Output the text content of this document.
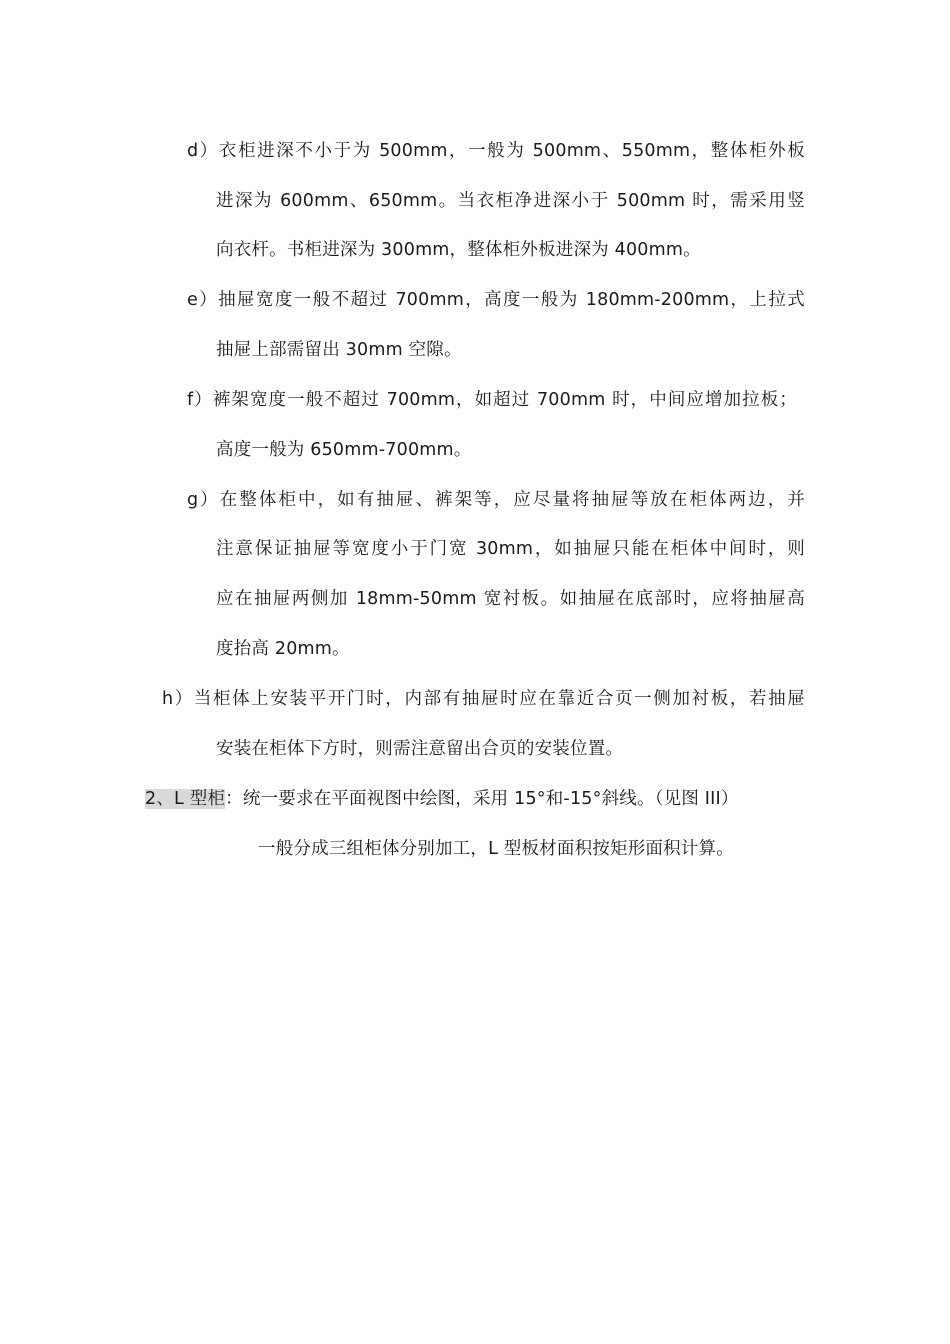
d）衣柜进深不小于为 500mm，一般为 500mm、550mm，整体柜外板
进深为 600mm、650mm。当衣柜净进深小于 500mm 时，需采用竖
向衣杆。书柜进深为 300mm，整体柜外板进深为 400mm。
e）抽屉宽度一般不超过 700mm，高度一般为 180mm-200mm，上拉式
抽屉上部需留出 30mm 空隙。
f）裤架宽度一般不超过 700mm，如超过 700mm 时，中间应增加拉板；
高度一般为 650mm-700mm。
g）在整体柜中，如有抽屉、裤架等，应尽量将抽屉等放在柜体两边，并
注意保证抽屉等宽度小于门宽 30mm，如抽屉只能在柜体中间时，则
应在抽屉两侧加 18mm-50mm 宽衬板。如抽屉在底部时，应将抽屉高
度抬高 20mm。
h）当柜体上安装平开门时，内部有抽屉时应在靠近合页一侧加衬板，若抽屉
安装在柜体下方时，则需注意留出合页的安装位置。
2、L 型柜：统一要求在平面视图中绘图，采用 15°和-15°斜线。（见图 III）
一般分成三组柜体分别加工，L 型板材面积按矩形面积计算。
